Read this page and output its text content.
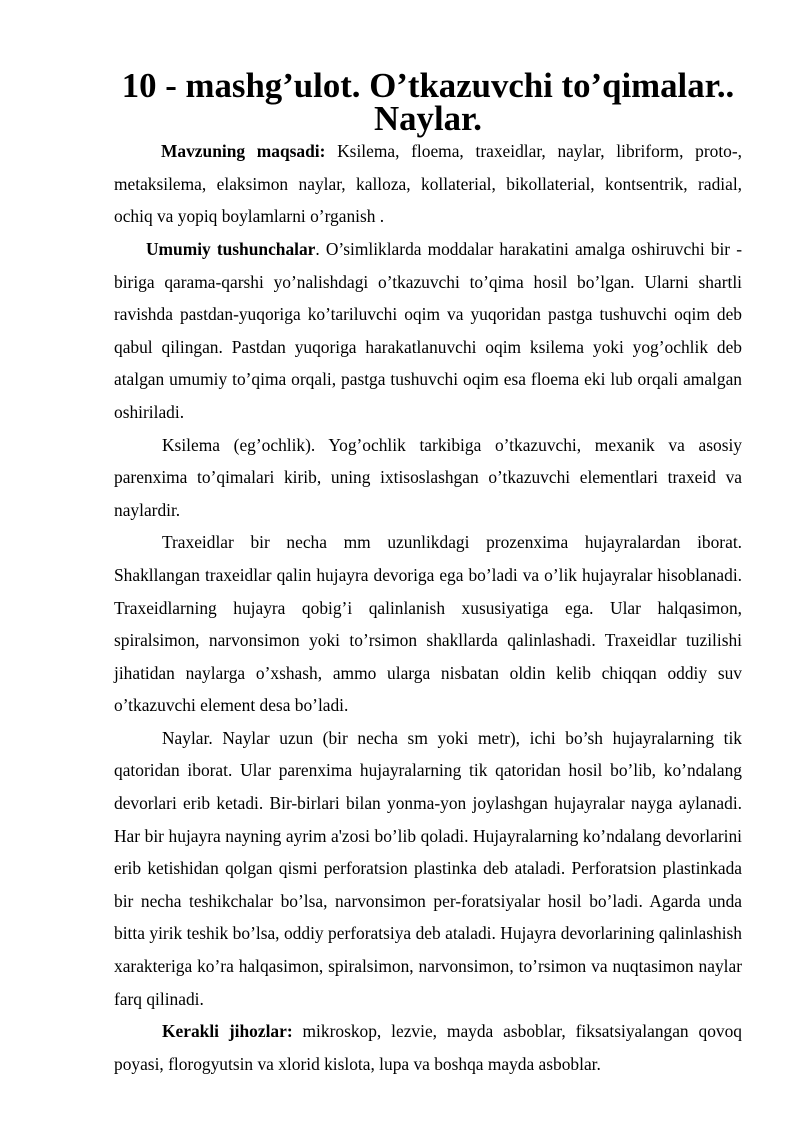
10 - mashg’ulot. O’tkazuvchi to’qimalar.. Naylar.

Mavzuning maqsadi: Ksilema, floema, traxeidlar, naylar, libriform, proto-, metaksilema, elaksimon naylar, kalloza, kollaterial, bikollaterial, kontsentrik, radial, ochiq va yopiq boylamlarni o’rganish .

Umumiy tushunchalar. O’simliklarda moddalar harakatini amalga oshiruvchi bir - biriga qarama-qarshi yo’nalishdagi o’tkazuvchi to’qima hosil bo’lgan. Ularni shartli ravishda pastdan-yuqoriga ko’tariluvchi oqim va yuqoridan pastga tushuvchi oqim deb qabul qilingan. Pastdan yuqoriga harakatlanuvchi oqim ksilema yoki yog’ochlik deb atalgan umumiy to’qima orqali, pastga tushuvchi oqim esa floema eki lub orqali amalgan oshiriladi.

Ksilema (eg’ochlik). Yog’ochlik tarkibiga o’tkazuvchi, mexanik va asosiy parenxima to’qimalari kirib, uning ixtisoslashgan o’tkazuvchi elementlari traxeid va naylardir.

Traxeidlar bir necha mm uzunlikdagi prozenxima hujayralardan iborat. Shakllangan traxeidlar qalin hujayra devoriga ega bo’ladi va o’lik hujayralar hisoblanadi. Traxeidlarning hujayra qobig’i qalinlanish xususiyatiga ega. Ular halqasimon, spiralsimon, narvonsimon yoki to’rsimon shakllarda qalinlashadi. Traxeidlar tuzilishi jihatidan naylarga o’xshash, ammo ularga nisbatan oldin kelib chiqqan oddiy suv o’tkazuvchi element desa bo’ladi.

Naylar. Naylar uzun (bir necha sm yoki metr), ichi bo’sh hujayralarning tik qatoridan iborat. Ular parenxima hujayralarning tik qatoridan hosil bo’lib, ko’ndalang devorlari erib ketadi. Bir-birlari bilan yonma-yon joylashgan hujayralar nayga aylanadi. Har bir hujayra nayning ayrim a'zosi bo’lib qoladi. Hujayralarning ko’ndalang devorlarini erib ketishidan qolgan qismi perforatsion plastinka deb ataladi. Perforatsion plastinkada bir necha teshikchalar bo’lsa, narvonsimon per-foratsiyalar hosil bo’ladi. Agarda unda bitta yirik teshik bo’lsa, oddiy perforatsiya deb ataladi. Hujayra devorlarining qalinlashish xarakteriga ko’ra halqasimon, spiralsimon, narvonsimon, to’rsimon va nuqtasimon naylar farq qilinadi.

Kerakli jihozlar: mikroskop, lezvie, mayda asboblar, fiksatsiyalangan qovoq poyasi, florogyutsin va xlorid kislota, lupa va boshqa mayda asboblar.
